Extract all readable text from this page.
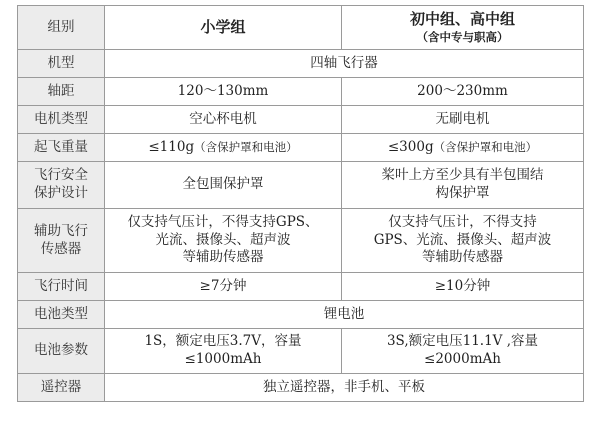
组别	小学组	初中组、高中组
（含中专与职高）

机型	四轴飞行器	
轴距	120～130mm	200～230mm
电机类型	空心杯电机	无刷电机
起飞重量	≤110g（含保护罩和电池）	≤300g（含保护罩和电池）

飞行安全
保护设计	全包围保护罩	桨叶上方至少具有半包围结
构保护罩

辅助飞行
传感器	仅支持气压计，不得支持GPS、
光流、摄像头、超声波
等辅助传感器	仅支持气压计，不得支持
GPS、光流、摄像头、超声波
等辅助传感器

飞行时间	≥7分钟	≥10分钟
电池类型	锂电池	
电池参数	1S，额定电压3.7V，容量
≤1000mAh	3S,额定电压11.1V ,容量
≤2000mAh

遥控器	独立遥控器，非手机、平板	
